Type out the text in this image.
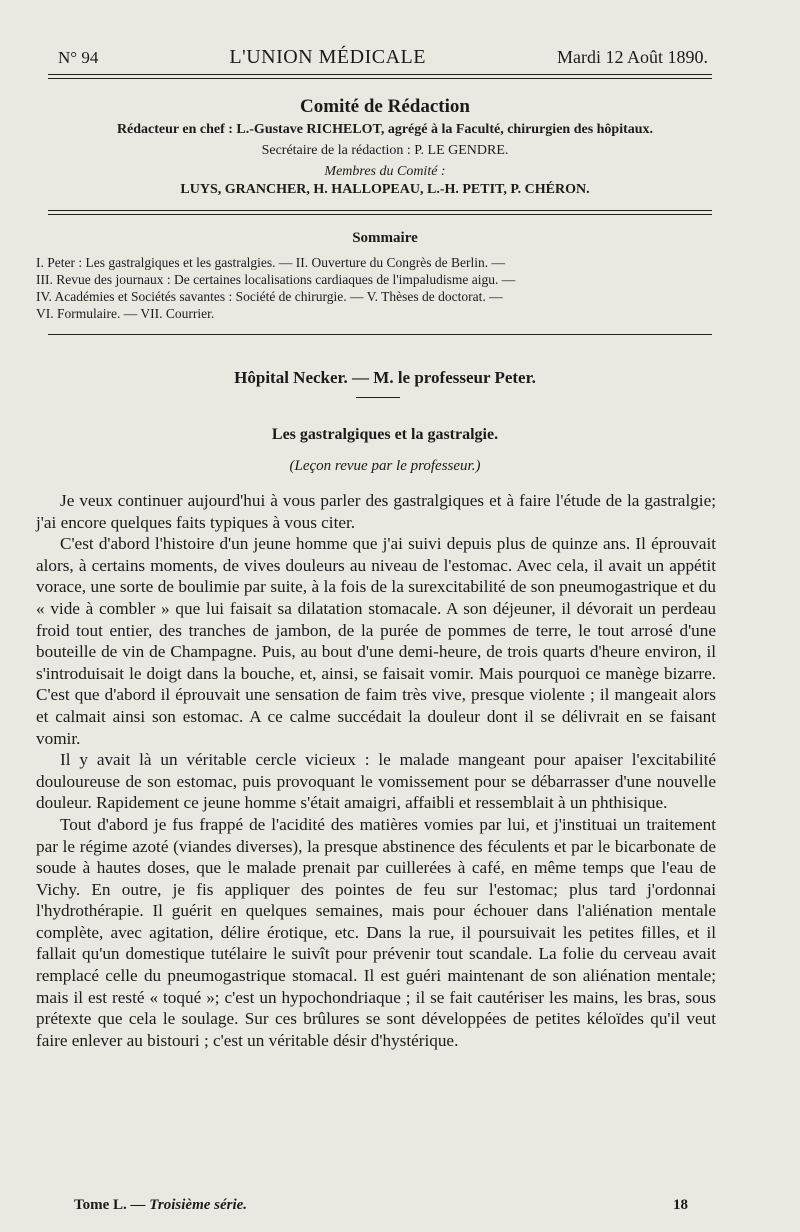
N° 94	L'UNION MÉDICALE	Mardi 12 Août 1890.
Comité de Rédaction
Rédacteur en chef : L.-Gustave RICHELOT, agrégé à la Faculté, chirurgien des hôpitaux.
Secrétaire de la rédaction : P. LE GENDRE.
Membres du Comité :
LUYS, GRANCHER, H. HALLOPEAU, L.-H. PETIT, P. CHÉRON.
Sommaire
I. Peter : Les gastralgiques et les gastralgies. — II. Ouverture du Congrès de Berlin. —
III. Revue des journaux : De certaines localisations cardiaques de l'impaludisme aigu. —
IV. Académies et Sociétés savantes : Société de chirurgie. — V. Thèses de doctorat. —
VI. Formulaire. — VII. Courrier.
Hôpital Necker. — M. le professeur Peter.
Les gastralgiques et la gastralgie.
(Leçon revue par le professeur.)

Je veux continuer aujourd'hui à vous parler des gastralgiques et à faire l'étude de la gastralgie; j'ai encore quelques faits typiques à vous citer.

C'est d'abord l'histoire d'un jeune homme que j'ai suivi depuis plus de quinze ans. Il éprouvait alors, à certains moments, de vives douleurs au niveau de l'estomac. Avec cela, il avait un appétit vorace, une sorte de boulimie par suite, à la fois de la surexcitabilité de son pneumogastrique et du « vide à combler » que lui faisait sa dilatation stomacale. A son déjeuner, il dévorait un perdeau froid tout entier, des tranches de jambon, de la purée de pommes de terre, le tout arrosé d'une bouteille de vin de Champagne. Puis, au bout d'une demi-heure, de trois quarts d'heure environ, il s'introduisait le doigt dans la bouche, et, ainsi, se faisait vomir. Mais pourquoi ce manège bizarre. C'est que d'abord il éprouvait une sensation de faim très vive, presque violente ; il mangeait alors et calmait ainsi son estomac. A ce calme succédait la douleur dont il se délivrait en se faisant vomir.

Il y avait là un véritable cercle vicieux : le malade mangeant pour apaiser l'excitabilité douloureuse de son estomac, puis provoquant le vomissement pour se débarrasser d'une nouvelle douleur. Rapidement ce jeune homme s'était amaigri, affaibli et ressemblait à un phthisique.

Tout d'abord je fus frappé de l'acidité des matières vomies par lui, et j'instituai un traitement par le régime azoté (viandes diverses), la presque abstinence des féculents et par le bicarbonate de soude à hautes doses, que le malade prenait par cuillerées à café, en même temps que l'eau de Vichy. En outre, je fis appliquer des pointes de feu sur l'estomac; plus tard j'ordonnai l'hydrothérapie. Il guérit en quelques semaines, mais pour échouer dans l'aliénation mentale complète, avec agitation, délire érotique, etc. Dans la rue, il poursuivait les petites filles, et il fallait qu'un domestique tutélaire le suivît pour prévenir tout scandale. La folie du cerveau avait remplacé celle du pneumogastrique stomacal. Il est guéri maintenant de son aliénation mentale; mais il est resté « toqué »; c'est un hypochondriaque ; il se fait cautériser les mains, les bras, sous prétexte que cela le soulage. Sur ces brûlures se sont développées de petites kéloïdes qu'il veut faire enlever au bistouri ; c'est un véritable désir d'hystérique.

Tome L. — Troisième série.	18
